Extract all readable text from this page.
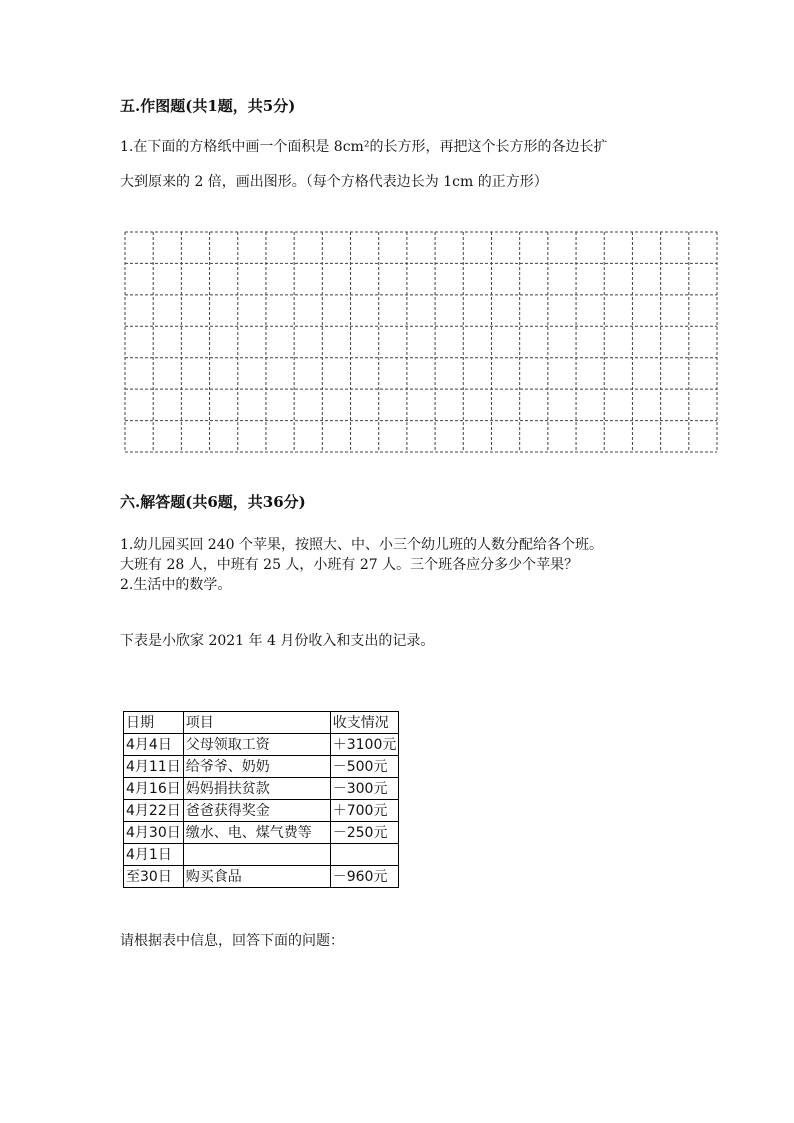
五.作图题(共1题，共5分)
1.在下面的方格纸中画一个面积是 8cm²的长方形，再把这个长方形的各边长扩
大到原来的 2 倍，画出图形。（每个方格代表边长为 1cm 的正方形）
六.解答题(共6题，共36分)
1.幼儿园买回 240 个苹果，按照大、中、小三个幼儿班的人数分配给各个班。
大班有 28 人，中班有 25 人，小班有 27 人。三个班各应分多少个苹果？
2.生活中的数学。
下表是小欣家 2021 年 4 月份收入和支出的记录。
日期	项目	收支情况
4月4日	父母领取工资	＋3100元
4月11日	给爷爷、奶奶	－500元
4月16日	妈妈捐扶贫款	－300元
4月22日	爸爸获得奖金	＋700元
4月30日	缴水、电、煤气费等	－250元
4月1日		
至30日	购买食品	－960元
请根据表中信息，回答下面的问题：
